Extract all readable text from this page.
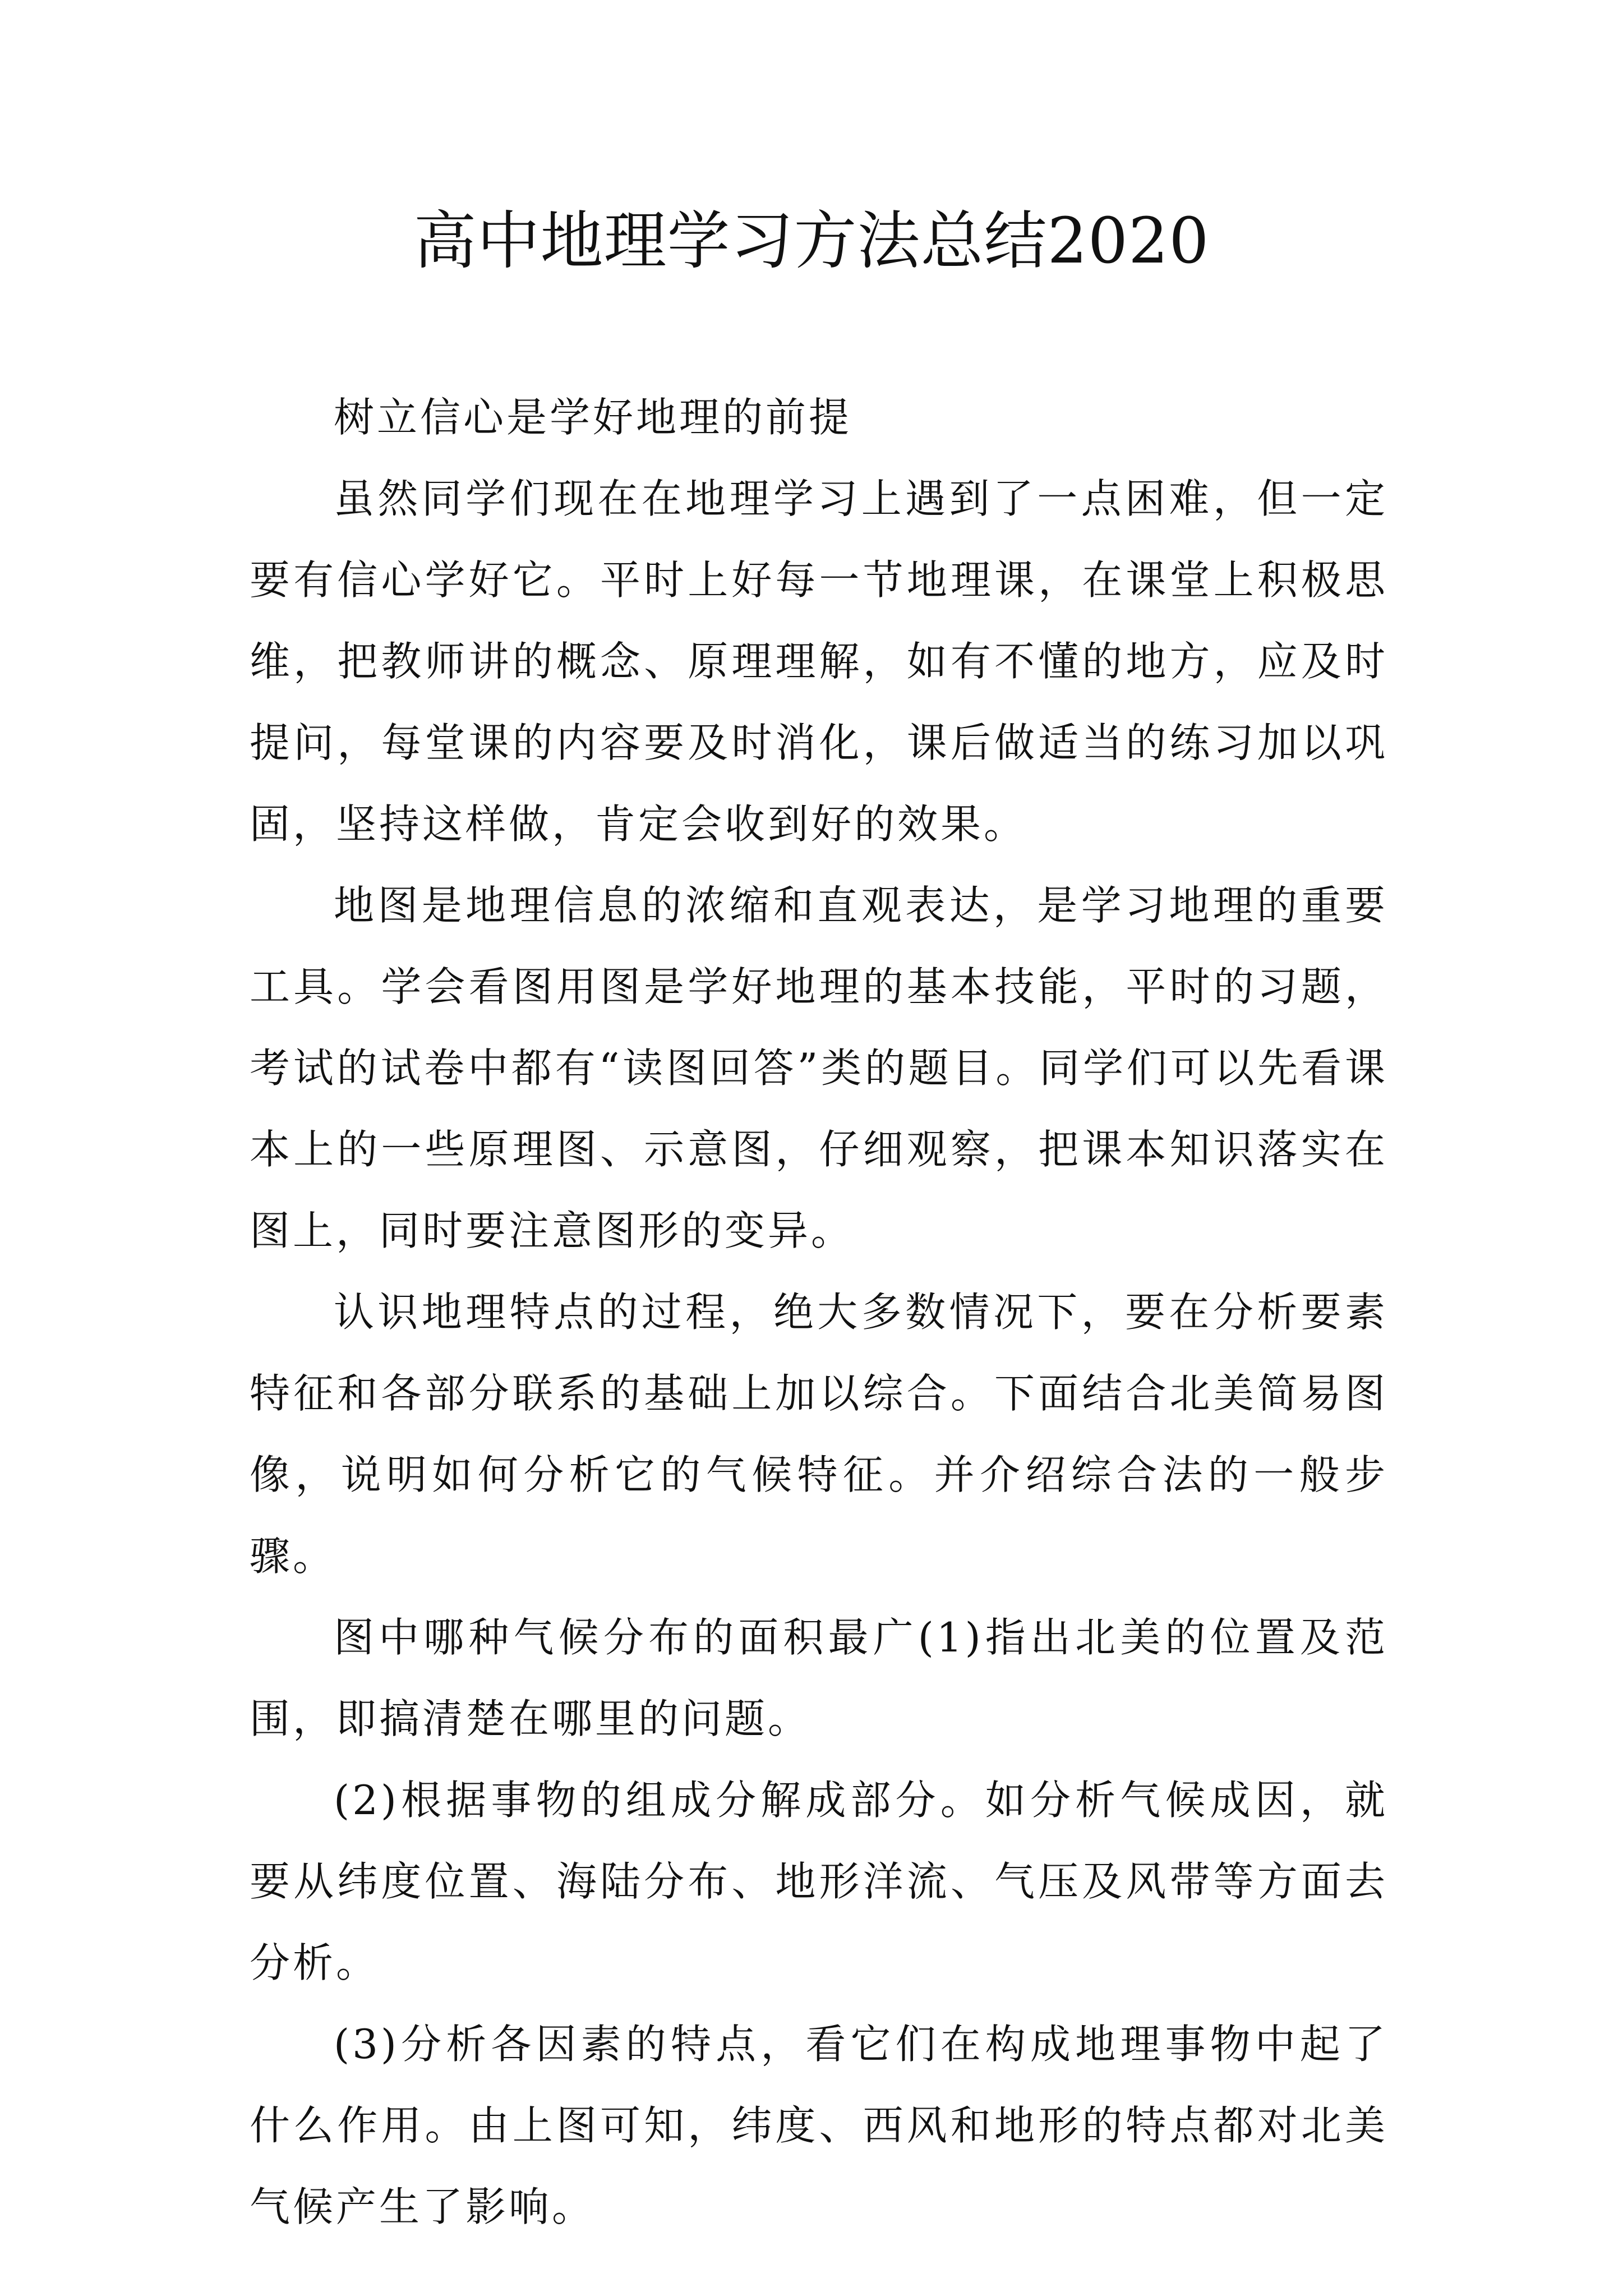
高中地理学习方法总结2020

树立信心是学好地理的前提

虽然同学们现在在地理学习上遇到了一点困难，但一定要有信心学好它。平时上好每一节地理课，在课堂上积极思维，把教师讲的概念、原理理解，如有不懂的地方，应及时提问，每堂课的内容要及时消化，课后做适当的练习加以巩固，坚持这样做，肯定会收到好的效果。

地图是地理信息的浓缩和直观表达，是学习地理的重要工具。学会看图用图是学好地理的基本技能，平时的习题，考试的试卷中都有“读图回答”类的题目。同学们可以先看课本上的一些原理图、示意图，仔细观察，把课本知识落实在图上，同时要注意图形的变异。

认识地理特点的过程，绝大多数情况下，要在分析要素特征和各部分联系的基础上加以综合。下面结合北美简易图像，说明如何分析它的气候特征。并介绍综合法的一般步骤。

图中哪种气候分布的面积最广(1)指出北美的位置及范围，即搞清楚在哪里的问题。

(2)根据事物的组成分解成部分。如分析气候成因，就要从纬度位置、海陆分布、地形洋流、气压及风带等方面去分析。

(3)分析各因素的特点，看它们在构成地理事物中起了什么作用。由上图可知，纬度、西风和地形的特点都对北美气候产生了影响。
